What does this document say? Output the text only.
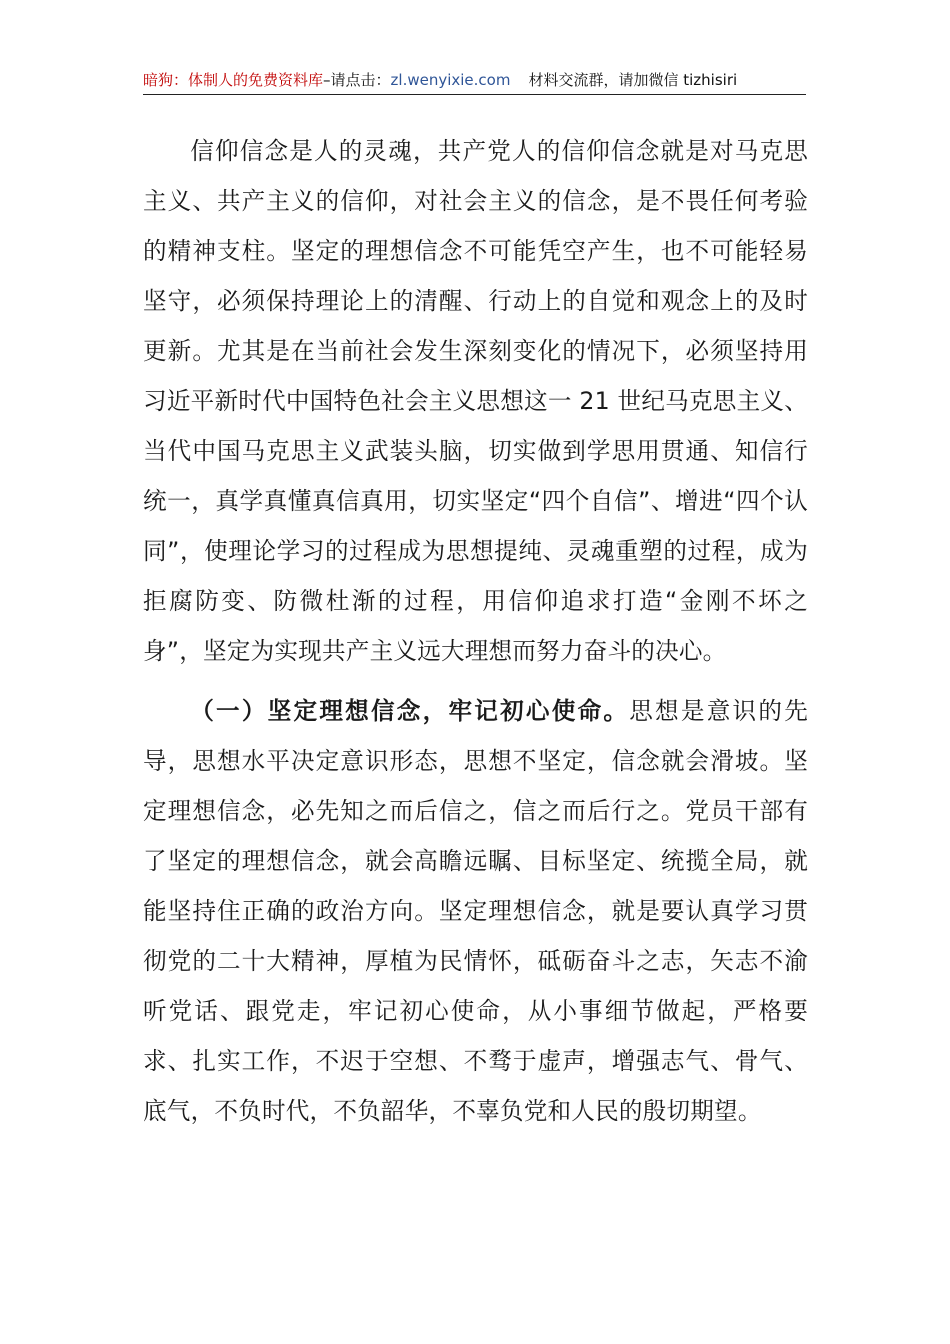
暗狗：体制人的免费资料库–请点击：zl.wenyixie.com 材料交流群，请加微信 tizhisiri

信仰信念是人的灵魂，共产党人的信仰信念就是对马克思主义、共产主义的信仰，对社会主义的信念，是不畏任何考验的精神支柱。坚定的理想信念不可能凭空产生，也不可能轻易坚守，必须保持理论上的清醒、行动上的自觉和观念上的及时更新。尤其是在当前社会发生深刻变化的情况下，必须坚持用习近平新时代中国特色社会主义思想这一 21 世纪马克思主义、当代中国马克思主义武装头脑，切实做到学思用贯通、知信行统一，真学真懂真信真用，切实坚定“四个自信”、增进“四个认同”，使理论学习的过程成为思想提纯、灵魂重塑的过程，成为拒腐防变、防微杜渐的过程，用信仰追求打造“金刚不坏之身”，坚定为实现共产主义远大理想而努力奋斗的决心。

（一）坚定理想信念，牢记初心使命。思想是意识的先导，思想水平决定意识形态，思想不坚定，信念就会滑坡。坚定理想信念，必先知之而后信之，信之而后行之。党员干部有了坚定的理想信念，就会高瞻远瞩、目标坚定、统揽全局，就能坚持住正确的政治方向。坚定理想信念，就是要认真学习贯彻党的二十大精神，厚植为民情怀，砥砺奋斗之志，矢志不渝听党话、跟党走，牢记初心使命，从小事细节做起，严格要求、扎实工作，不迟于空想、不骛于虚声，增强志气、骨气、底气，不负时代，不负韶华，不辜负党和人民的殷切期望。
